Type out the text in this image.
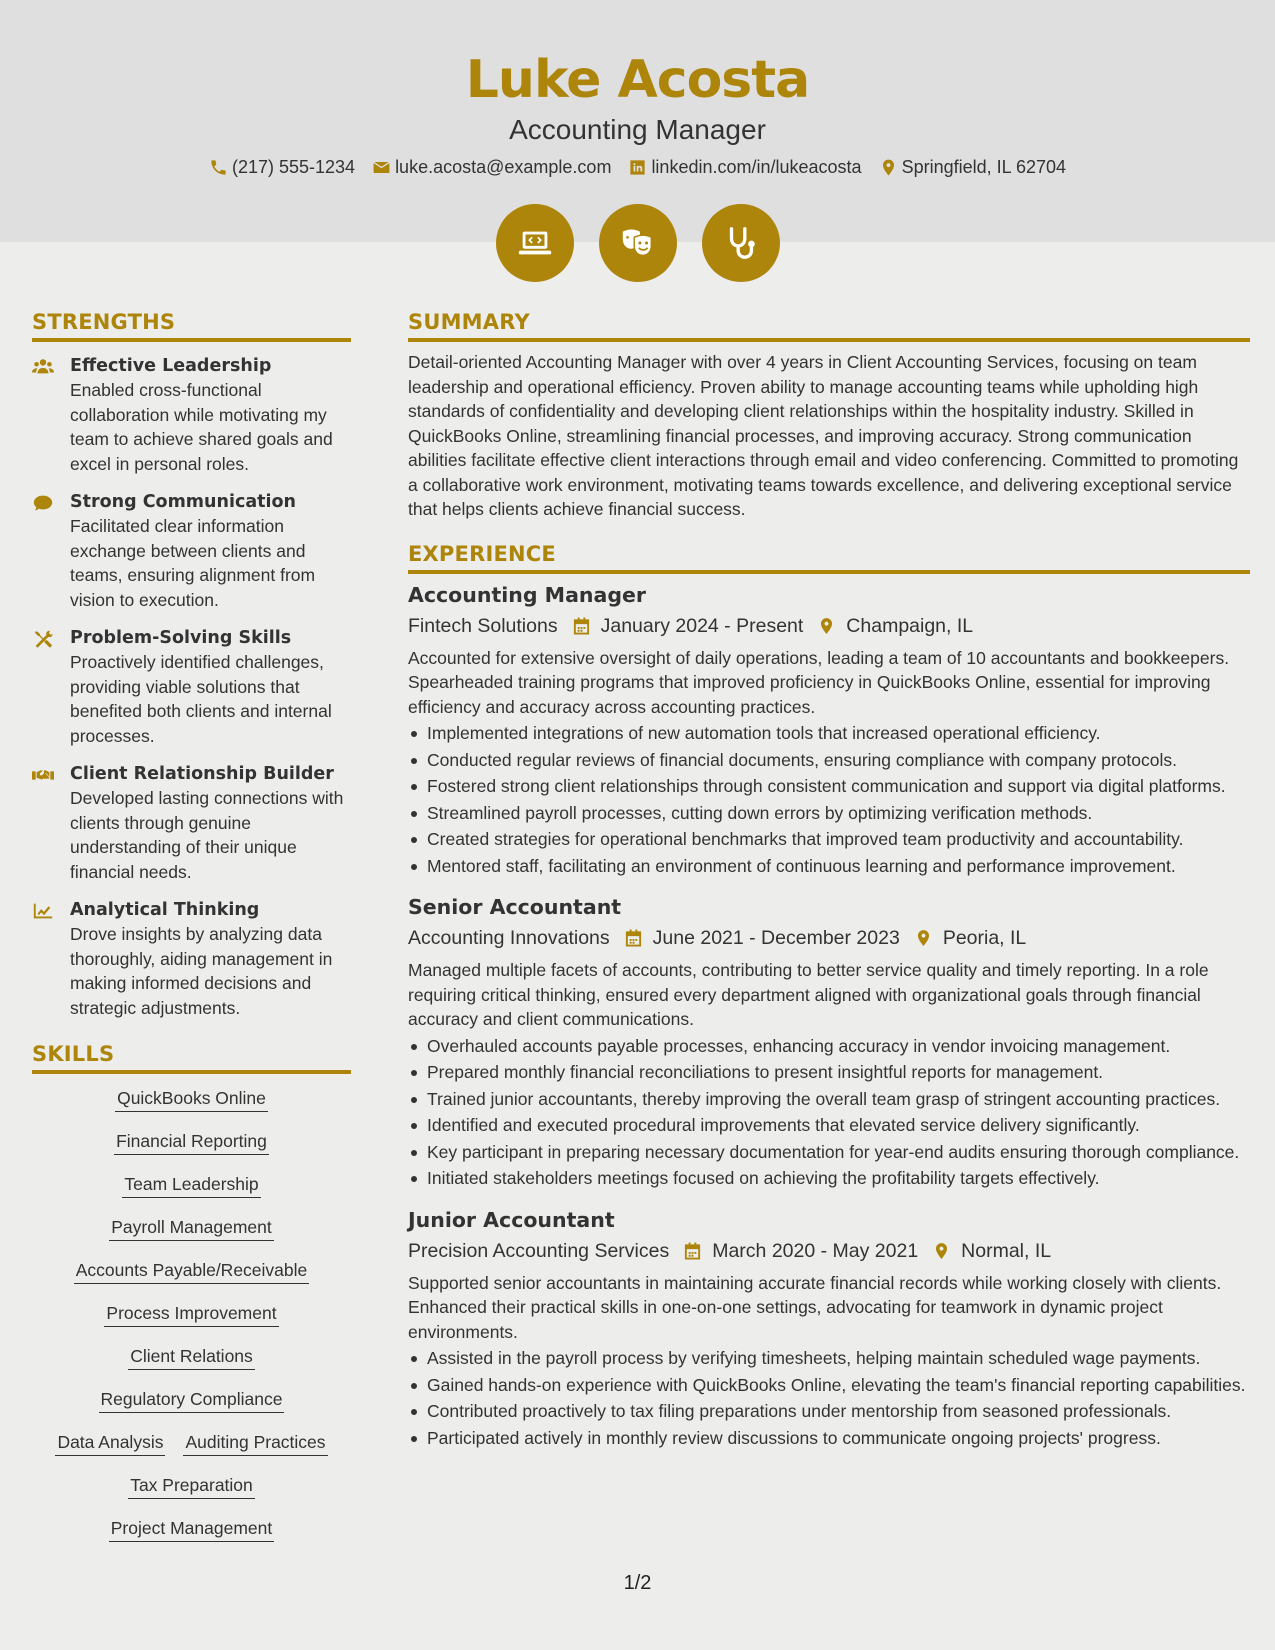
Luke Acosta
Accounting Manager
(217) 555-1234 luke.acosta@example.com linkedin.com/in/lukeacosta Springfield, IL 62704
STRENGTHS
Effective Leadership
Enabled cross-functional collaboration while motivating my team to achieve shared goals and excel in personal roles.
Strong Communication
Facilitated clear information exchange between clients and teams, ensuring alignment from vision to execution.
Problem-Solving Skills
Proactively identified challenges, providing viable solutions that benefited both clients and internal processes.
Client Relationship Builder
Developed lasting connections with clients through genuine understanding of their unique financial needs.
Analytical Thinking
Drove insights by analyzing data thoroughly, aiding management in making informed decisions and strategic adjustments.
SKILLS
QuickBooks Online
Financial Reporting
Team Leadership
Payroll Management
Accounts Payable/Receivable
Process Improvement
Client Relations
Regulatory Compliance
Data Analysis Auditing Practices
Tax Preparation
Project Management
SUMMARY
Detail-oriented Accounting Manager with over 4 years in Client Accounting Services, focusing on team leadership and operational efficiency. Proven ability to manage accounting teams while upholding high standards of confidentiality and developing client relationships within the hospitality industry. Skilled in QuickBooks Online, streamlining financial processes, and improving accuracy. Strong communication abilities facilitate effective client interactions through email and video conferencing. Committed to promoting a collaborative work environment, motivating teams towards excellence, and delivering exceptional service that helps clients achieve financial success.
EXPERIENCE
Accounting Manager
Fintech Solutions January 2024 - Present Champaign, IL
Accounted for extensive oversight of daily operations, leading a team of 10 accountants and bookkeepers. Spearheaded training programs that improved proficiency in QuickBooks Online, essential for improving efficiency and accuracy across accounting practices.
Implemented integrations of new automation tools that increased operational efficiency.
Conducted regular reviews of financial documents, ensuring compliance with company protocols.
Fostered strong client relationships through consistent communication and support via digital platforms.
Streamlined payroll processes, cutting down errors by optimizing verification methods.
Created strategies for operational benchmarks that improved team productivity and accountability.
Mentored staff, facilitating an environment of continuous learning and performance improvement.
Senior Accountant
Accounting Innovations June 2021 - December 2023 Peoria, IL
Managed multiple facets of accounts, contributing to better service quality and timely reporting. In a role requiring critical thinking, ensured every department aligned with organizational goals through financial accuracy and client communications.
Overhauled accounts payable processes, enhancing accuracy in vendor invoicing management.
Prepared monthly financial reconciliations to present insightful reports for management.
Trained junior accountants, thereby improving the overall team grasp of stringent accounting practices.
Identified and executed procedural improvements that elevated service delivery significantly.
Key participant in preparing necessary documentation for year-end audits ensuring thorough compliance.
Initiated stakeholders meetings focused on achieving the profitability targets effectively.
Junior Accountant
Precision Accounting Services March 2020 - May 2021 Normal, IL
Supported senior accountants in maintaining accurate financial records while working closely with clients. Enhanced their practical skills in one-on-one settings, advocating for teamwork in dynamic project environments.
Assisted in the payroll process by verifying timesheets, helping maintain scheduled wage payments.
Gained hands-on experience with QuickBooks Online, elevating the team's financial reporting capabilities.
Contributed proactively to tax filing preparations under mentorship from seasoned professionals.
Participated actively in monthly review discussions to communicate ongoing projects' progress.
1/2
